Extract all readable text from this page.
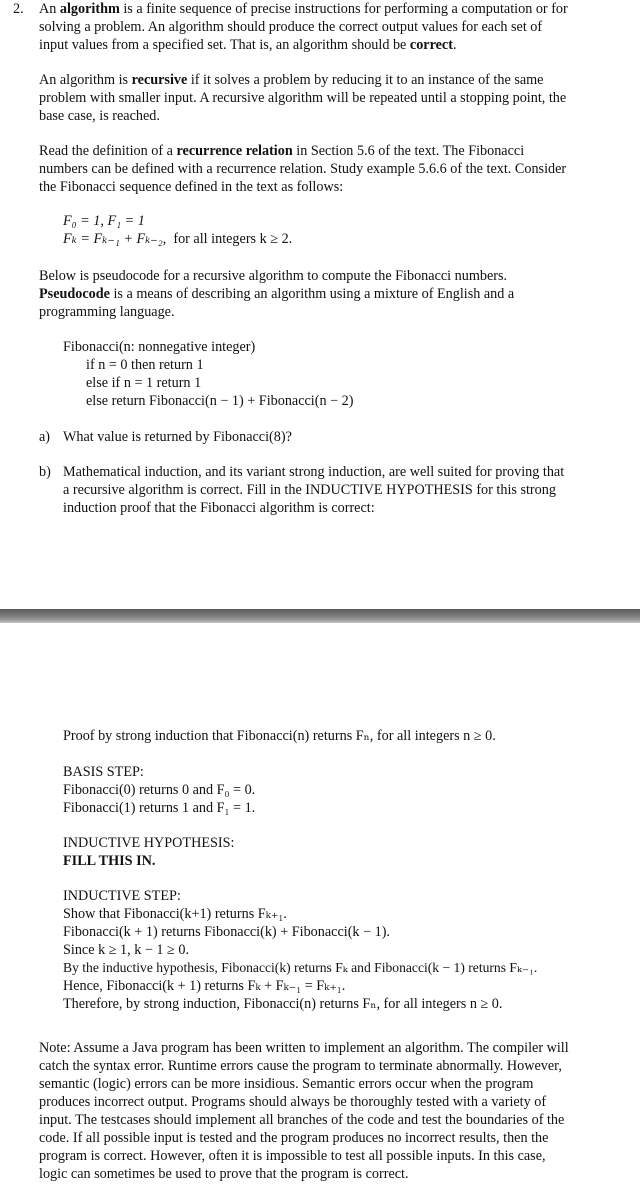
2. An algorithm is a finite sequence of precise instructions for performing a computation or for
solving a problem. An algorithm should produce the correct output values for each set of
input values from a specified set. That is, an algorithm should be correct.
An algorithm is recursive if it solves a problem by reducing it to an instance of the same
problem with smaller input. A recursive algorithm will be repeated until a stopping point, the
base case, is reached.
Read the definition of a recurrence relation in Section 5.6 of the text. The Fibonacci
numbers can be defined with a recurrence relation. Study example 5.6.6 of the text. Consider
the Fibonacci sequence defined in the text as follows:
F₀ = 1, F₁ = 1
Fₖ = Fₖ₋₁ + Fₖ₋₂, for all integers k ≥ 2.
Below is pseudocode for a recursive algorithm to compute the Fibonacci numbers.
Pseudocode is a means of describing an algorithm using a mixture of English and a
programming language.
Fibonacci(n: nonnegative integer)
if n = 0 then return 1
else if n = 1 return 1
else return Fibonacci(n − 1) + Fibonacci(n − 2)
a) What value is returned by Fibonacci(8)?
b) Mathematical induction, and its variant strong induction, are well suited for proving that
a recursive algorithm is correct. Fill in the INDUCTIVE HYPOTHESIS for this strong
induction proof that the Fibonacci algorithm is correct:
Proof by strong induction that Fibonacci(n) returns Fₙ, for all integers n ≥ 0.
BASIS STEP:
Fibonacci(0) returns 0 and F₀ = 0.
Fibonacci(1) returns 1 and F₁ = 1.
INDUCTIVE HYPOTHESIS:
FILL THIS IN.
INDUCTIVE STEP:
Show that Fibonacci(k+1) returns Fₖ₊₁.
Fibonacci(k + 1) returns Fibonacci(k) + Fibonacci(k − 1).
Since k ≥ 1, k − 1 ≥ 0.
By the inductive hypothesis, Fibonacci(k) returns Fₖ and Fibonacci(k − 1) returns Fₖ₋₁.
Hence, Fibonacci(k + 1) returns Fₖ + Fₖ₋₁ = Fₖ₊₁.
Therefore, by strong induction, Fibonacci(n) returns Fₙ, for all integers n ≥ 0.
Note: Assume a Java program has been written to implement an algorithm. The compiler will
catch the syntax error. Runtime errors cause the program to terminate abnormally. However,
semantic (logic) errors can be more insidious. Semantic errors occur when the program
produces incorrect output. Programs should always be thoroughly tested with a variety of
input. The testcases should implement all branches of the code and test the boundaries of the
code. If all possible input is tested and the program produces no incorrect results, then the
program is correct. However, often it is impossible to test all possible inputs. In this case,
logic can sometimes be used to prove that the program is correct.
